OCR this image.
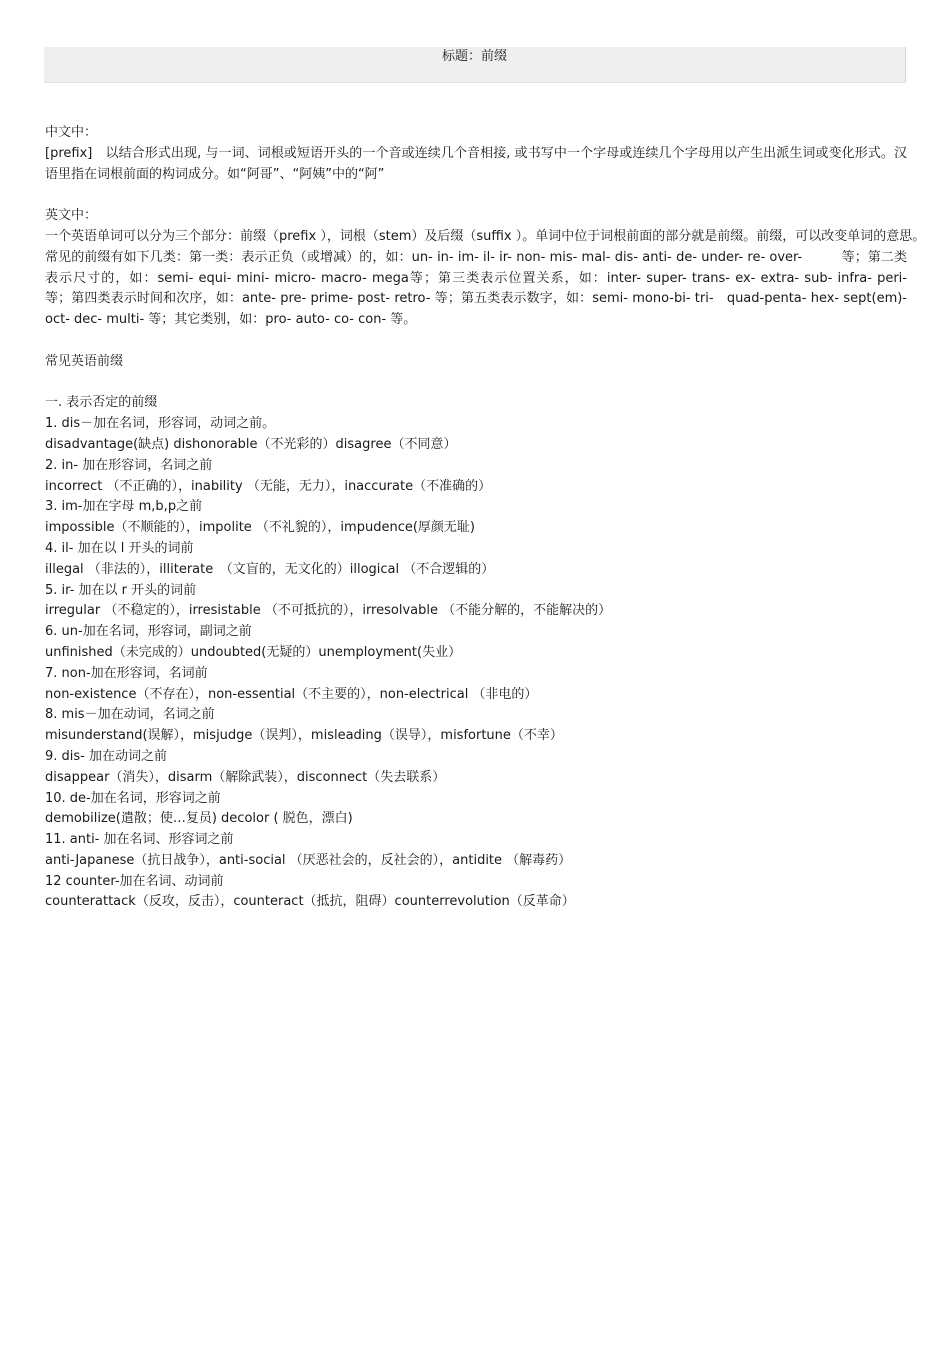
标题：前缀
中文中：
[prefix]　以结合形式出现, 与一词、词根或短语开头的一个音或连续几个音相接, 或书写中一个字母或连续几个字母用以产生出派生词或变化形式。汉语里指在词根前面的构词成分。如“阿哥”、“阿姨”中的“阿”
英文中：
一个英语单词可以分为三个部分：前缀（prefix ），词根（stem）及后缀（suffix ）。单词中位于词根前面的部分就是前缀。前缀，可以改变单词的意思。
常见的前缀有如下几类：第一类：表示正负（或增减）的，如：un- in- im- il- ir- non- mis- mal- dis- anti- de- under- re- over-　　　等；第二类表示尺寸的，如：semi- equi- mini- micro- macro- mega等；第三类表示位置关系，如：inter- super- trans- ex- extra- sub- infra- peri-　　等；第四类表示时间和次序，如：ante- pre- prime- post- retro- 等；第五类表示数字，如：semi- mono-bi- tri-　quad-penta- hex- sept(em)- oct- dec- multi- 等；其它类别，如：pro- auto- co- con- 等。
常见英语前缀
一. 表示否定的前缀
1. dis－加在名词，形容词，动词之前。
disadvantage(缺点) dishonorable（不光彩的）disagree（不同意）
2. in- 加在形容词，名词之前
incorrect （不正确的），inability （无能，无力），inaccurate（不准确的）
3. im-加在字母 m,b,p之前
impossible（不顺能的），impolite （不礼貌的），impudence(厚颜无耻)
4. il- 加在以 l 开头的词前
illegal （非法的），illiterate　（文盲的，无文化的）illogical （不合逻辑的）
5. ir- 加在以 r 开头的词前
irregular （不稳定的），irresistable （不可抵抗的），irresolvable （不能分解的，不能解决的）
6. un-加在名词，形容词，副词之前
unfinished（未完成的）undoubted(无疑的）unemployment(失业）
7. non-加在形容词，名词前
non-existence（不存在），non-essential（不主要的），non-electrical （非电的）
8. mis－加在动词，名词之前
misunderstand(误解），misjudge（误判），misleading（误导），misfortune（不幸）
9. dis- 加在动词之前
disappear（消失），disarm（解除武装），disconnect（失去联系）
10. de-加在名词，形容词之前
demobilize(遣散；使…复员) decolor ( 脱色，漂白)
11. anti- 加在名词、形容词之前
anti-Japanese（抗日战争），anti-social （厌恶社会的，反社会的），antidite （解毒药）
12 counter-加在名词、动词前
counterattack（反攻，反击），counteract（抵抗，阻碍）counterrevolution（反革命）
